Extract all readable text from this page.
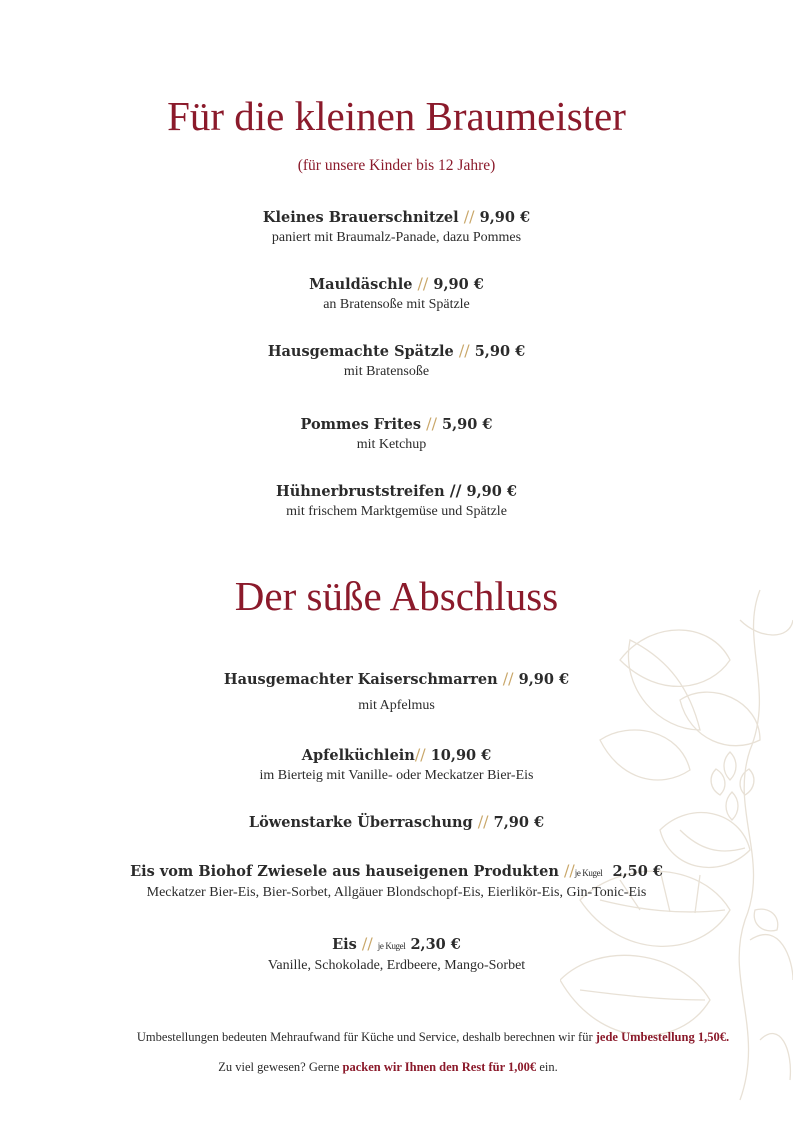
Für die kleinen Braumeister
(für unsere Kinder bis 12 Jahre)
Kleines Brauerschnitzel // 9,90 €
paniert mit Braumalz-Panade, dazu Pommes
Mauldäschle // 9,90 €
an Bratensoße mit Spätzle
Hausgemachte Spätzle // 5,90 €
mit Bratensoße
Pommes Frites // 5,90 €
mit Ketchup
Hühnerbruststreifen // 9,90 €
mit frischem Marktgemüse und Spätzle
Der süße Abschluss
Hausgemachter Kaiserschmarren // 9,90 €
mit Apfelmus
Apfelküchlein// 10,90 €
im Bierteig mit Vanille- oder Meckatzer Bier-Eis
Löwenstarke Überraschung // 7,90 €
Eis vom Biohof Zwiesele aus hauseigenen Produkten //je Kugel 2,50 €
Meckatzer Bier-Eis, Bier-Sorbet, Allgäuer Blondschopf-Eis, Eierlikör-Eis, Gin-Tonic-Eis
Eis // je Kugel 2,30 €
Vanille, Schokolade, Erdbeere, Mango-Sorbet
Umbestellungen bedeuten Mehraufwand für Küche und Service, deshalb berechnen wir für jede Umbestellung 1,50€.
Zu viel gewesen? Gerne packen wir Ihnen den Rest für 1,00€ ein.
